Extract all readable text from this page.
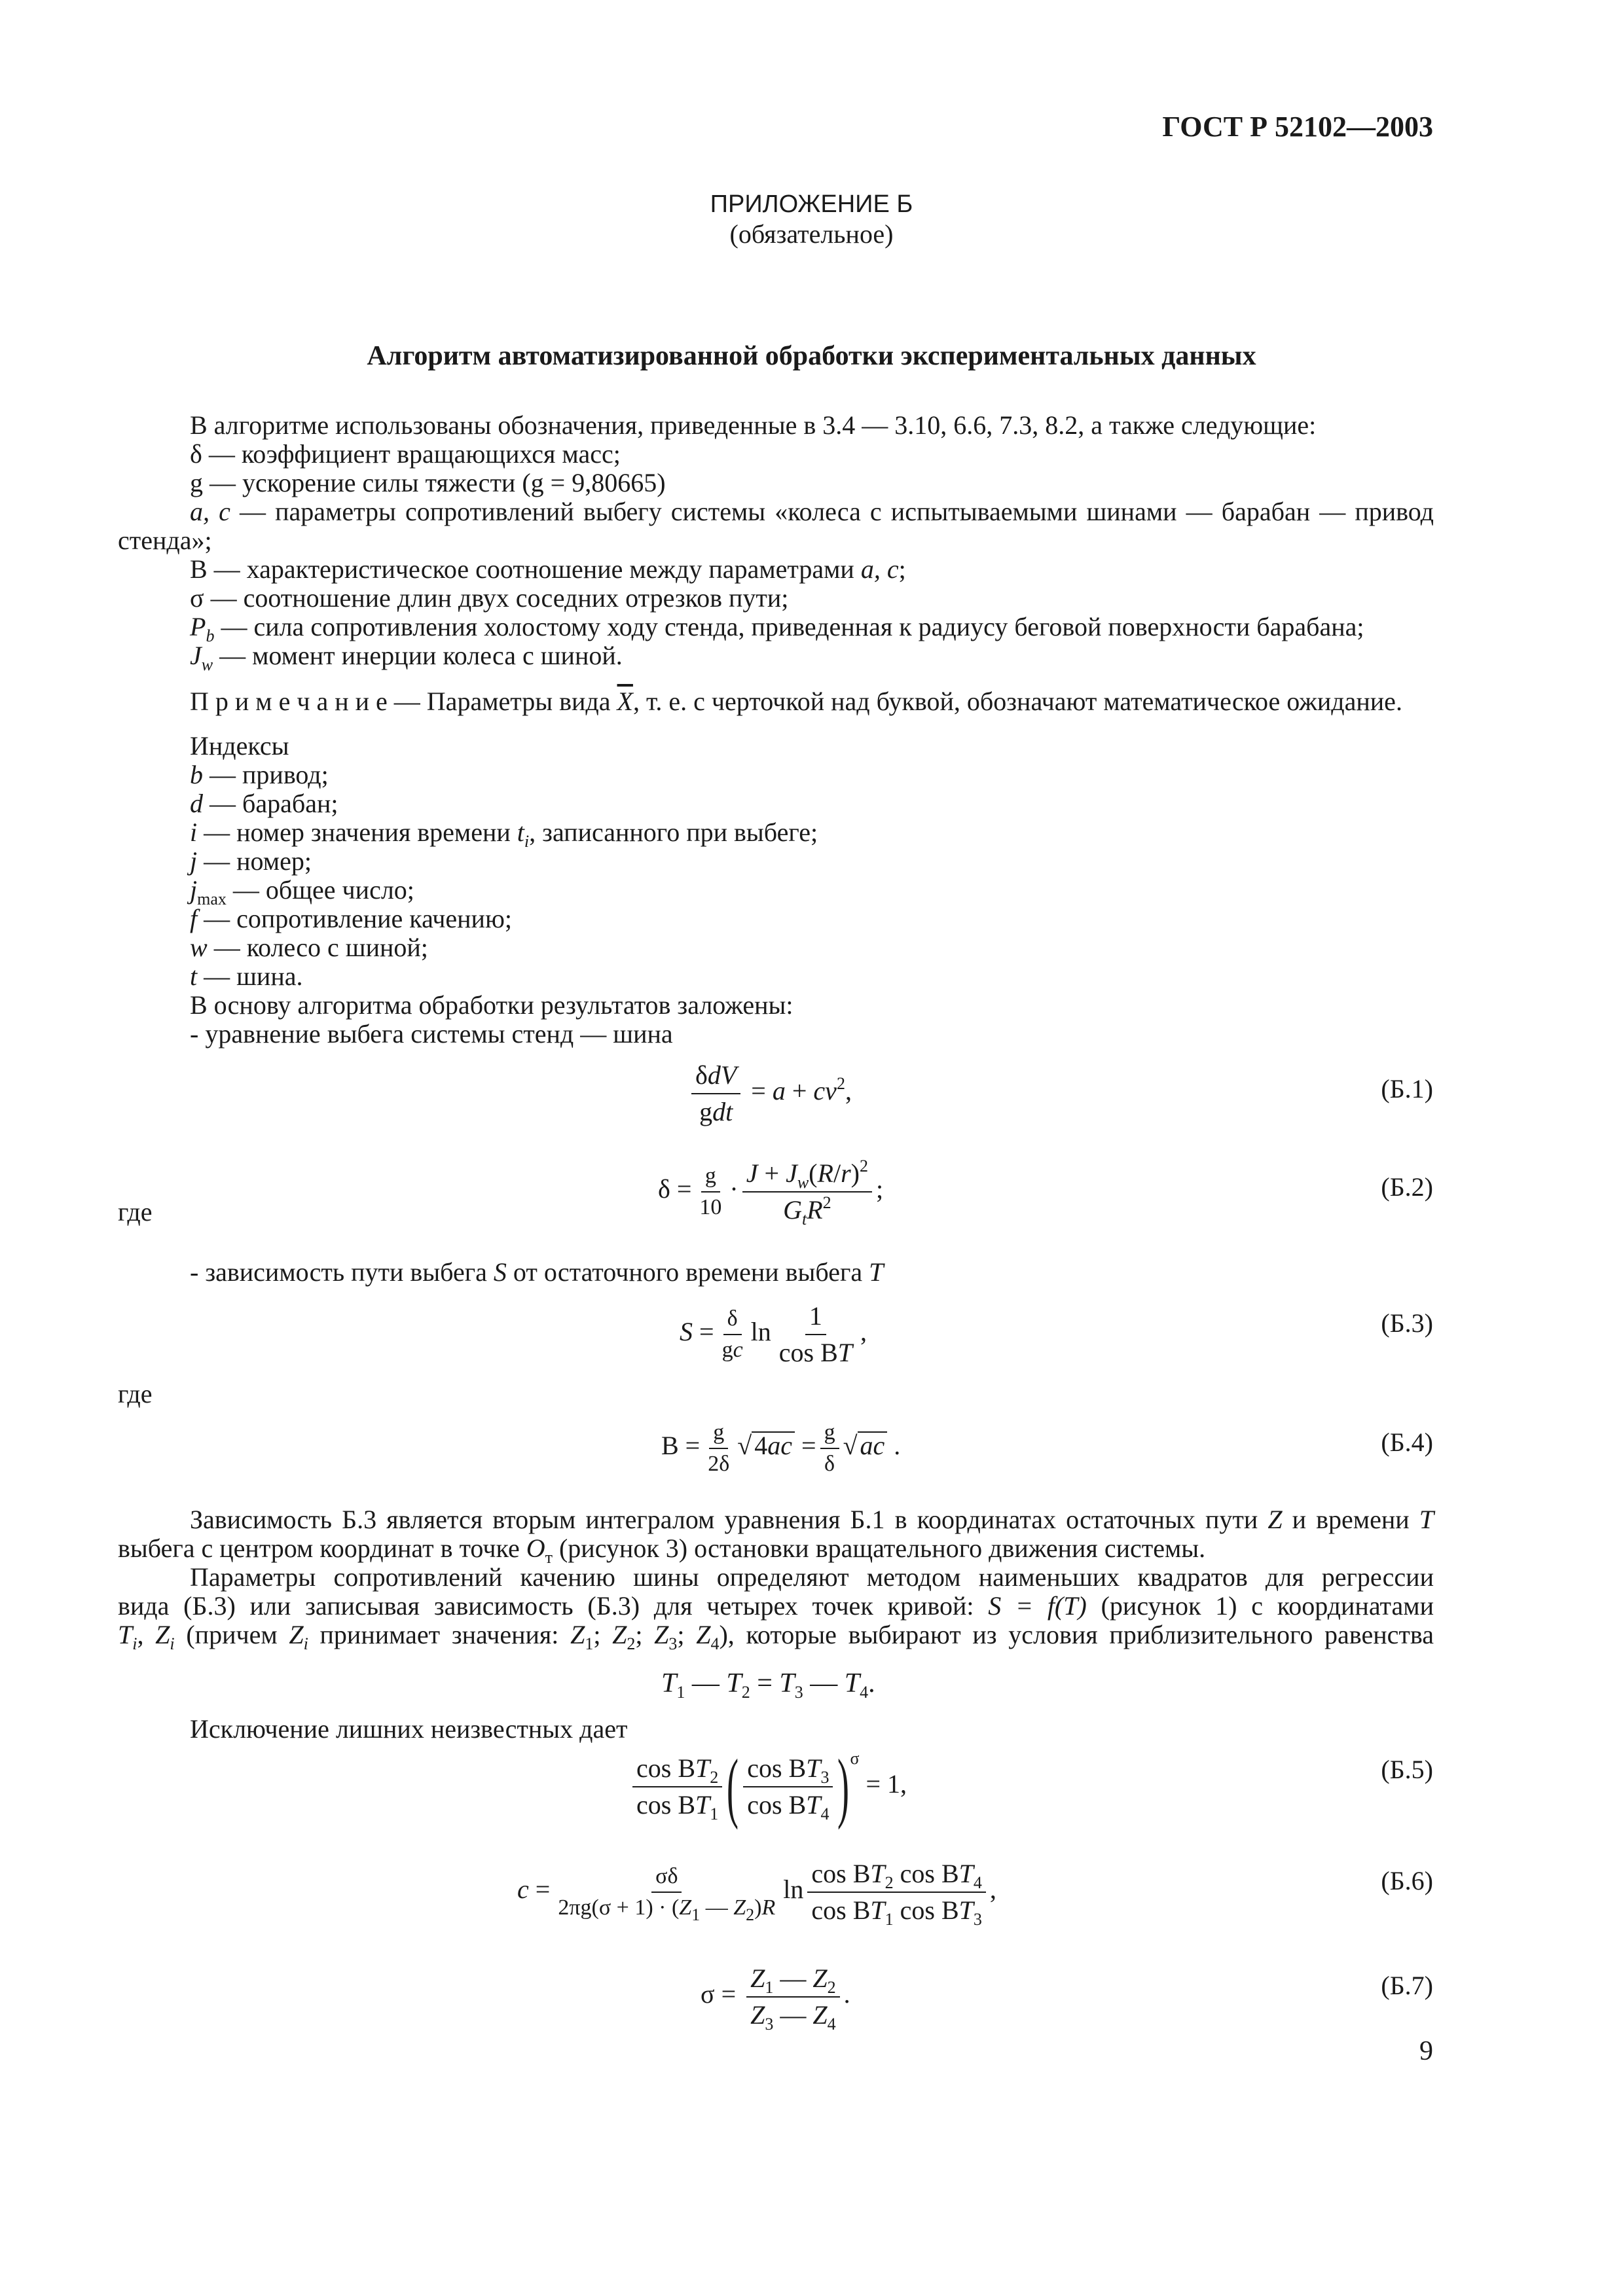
ГОСТ Р 52102—2003
ПРИЛОЖЕНИЕ Б
(обязательное)
Алгоритм автоматизированной обработки экспериментальных данных
В алгоритме использованы обозначения, приведенные в 3.4 — 3.10, 6.6, 7.3, 8.2, а также следующие:
δ — коэффициент вращающихся масс;
g — ускорение силы тяжести (g = 9,80665)
a, c — параметры сопротивлений выбегу системы «колеса с испытываемыми шинами — барабан — привод
стенда»;
В — характеристическое соотношение между параметрами a, c;
σ — соотношение длин двух соседних отрезков пути;
$P_b$ — сила сопротивления холостому ходу стенда, приведенная к радиусу беговой поверхности барабана;
$J_w$ — момент инерции колеса с шиной.
П р и м е ч а н и е — Параметры вида $\overline{X}$, т. е. с черточкой над буквой, обозначают математическое ожидание.
Индексы
b — привод;
d — барабан;
i — номер значения времени $t_i$, записанного при выбеге;
j — номер;
$j_{max}$ — общее число;
f — сопротивление качению;
w — колесо с шиной;
t — шина.
В основу алгоритма обработки результатов заложены:
- уравнение выбега системы стенд — шина
$\frac{\text{δdV}}{\text{gdt}} = a + cv^2$,	(Б.1)
где
$\delta = \frac{g}{10} \cdot \frac{J + J_w(R/r)^2}{G_tR^2}$ ;	(Б.2)
- зависимость пути выбега S от остаточного времени выбега T
$S = \frac{\delta}{gc}$ $\ln \frac{1}{\text{cos ВT}}$ ,	(Б.3)
где
$В = \frac{g}{2\delta}$ √ $4ac = \frac{g}{\delta}$ √ ac .	(Б.4)
Зависимость Б.3 является вторым интегралом уравнения Б.1 в координатах остаточных пути Z и времени T
выбега с центром координат в точке $O_т$ (рисунок 3) остановки вращательного движения системы.
Параметры сопротивлений качению шины определяют методом наименьших квадратов для регрессии
вида (Б.3) или записывая зависимость (Б.3) для четырех точек кривой: S = f(T) (рисунок 1) с координатами
$T_i$, $Z_i$ (причем $Z_i$ принимает значения: $Z_1$; $Z_2$; $Z_3$; $Z_4$), которые выбирают из условия приблизительного равенства
$T_1$ — $T_2 = T_3$ — $T_4$.
Исключение лишних неизвестных дает
$\frac{\cos ВT_2}{\cos ВT_1}$ ( $\frac{\cos ВT_3}{\cos ВT_4} )^\sigma = 1$,	(Б.5)
$c = \frac{\sigma\delta}{2\pi g(\sigma + 1) \cdot (Z_1 — Z_2)R}$ $\ln \frac{\cos ВT_2 \cos ВT_4}{\cos ВT_1 \cos ВT_3}$ ,	(Б.6)
$\sigma = \frac{Z_1 — Z_2}{Z_3 — Z_4}$ .	(Б.7)
9
